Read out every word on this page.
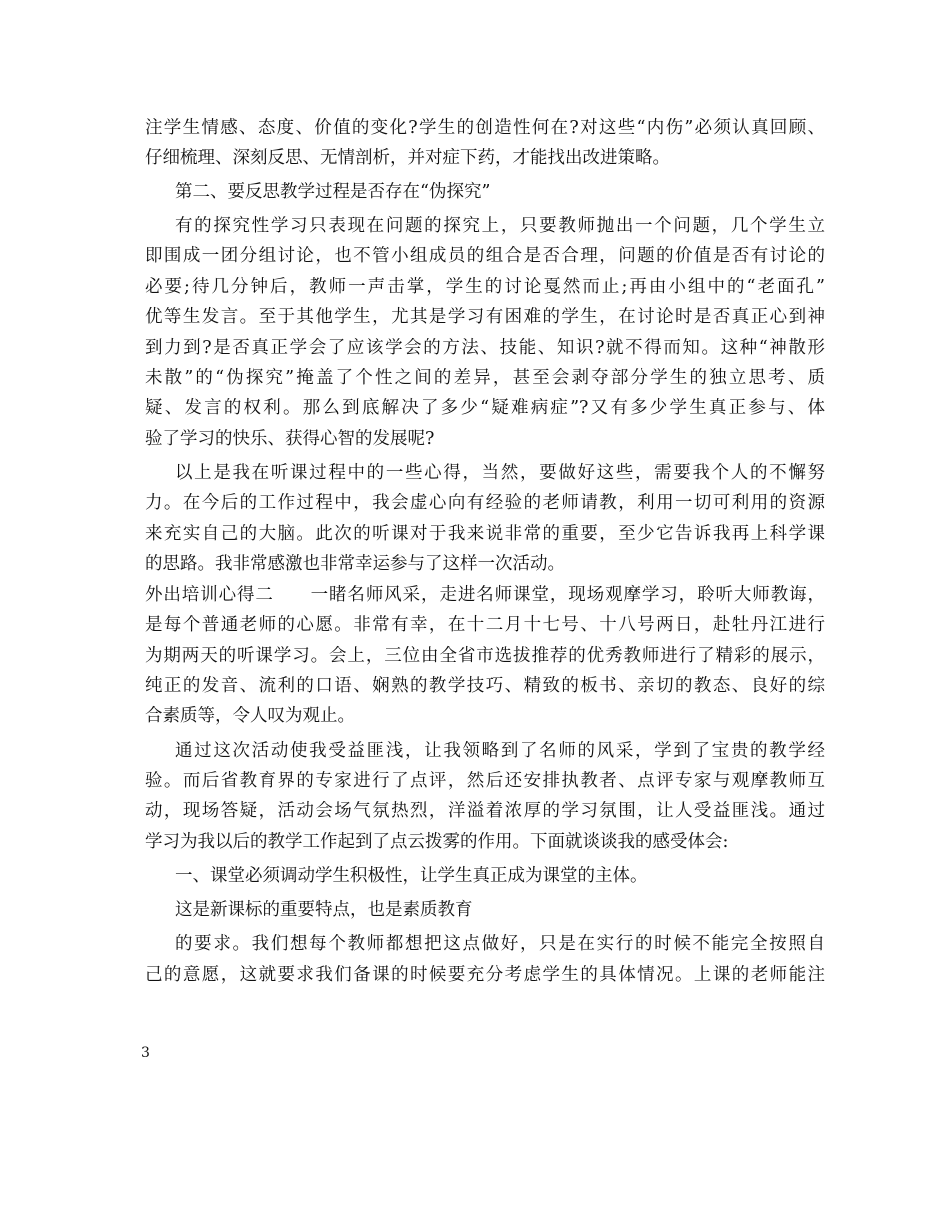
注学生情感、态度、价值的变化?学生的创造性何在?对这些“内伤”必须认真回顾、
仔细梳理、深刻反思、无情剖析，并对症下药，才能找出改进策略。
第二、要反思教学过程是否存在“伪探究”
有的探究性学习只表现在问题的探究上，只要教师抛出一个问题，几个学生立
即围成一团分组讨论，也不管小组成员的组合是否合理，问题的价值是否有讨论的
必要;待几分钟后，教师一声击掌，学生的讨论戛然而止;再由小组中的“老面孔”
优等生发言。至于其他学生，尤其是学习有困难的学生，在讨论时是否真正心到神
到力到?是否真正学会了应该学会的方法、技能、知识?就不得而知。这种“神散形
未散”的“伪探究”掩盖了个性之间的差异，甚至会剥夺部分学生的独立思考、质
疑、发言的权利。那么到底解决了多少“疑难病症”?又有多少学生真正参与、体
验了学习的快乐、获得心智的发展呢?
以上是我在听课过程中的一些心得，当然，要做好这些，需要我个人的不懈努
力。在今后的工作过程中，我会虚心向有经验的老师请教，利用一切可利用的资源
来充实自己的大脑。此次的听课对于我来说非常的重要，至少它告诉我再上科学课
的思路。我非常感激也非常幸运参与了这样一次活动。
外出培训心得二　　一睹名师风采，走进名师课堂，现场观摩学习，聆听大师教诲，
是每个普通老师的心愿。非常有幸，在十二月十七号、十八号两日，赴牡丹江进行
为期两天的听课学习。会上，三位由全省市选拔推荐的优秀教师进行了精彩的展示，
纯正的发音、流利的口语、娴熟的教学技巧、精致的板书、亲切的教态、良好的综
合素质等，令人叹为观止。
通过这次活动使我受益匪浅，让我领略到了名师的风采，学到了宝贵的教学经
验。而后省教育界的专家进行了点评，然后还安排执教者、点评专家与观摩教师互
动，现场答疑，活动会场气氛热烈，洋溢着浓厚的学习氛围，让人受益匪浅。通过
学习为我以后的教学工作起到了点云拨雾的作用。下面就谈谈我的感受体会:
一、课堂必须调动学生积极性，让学生真正成为课堂的主体。
这是新课标的重要特点，也是素质教育
的要求。我们想每个教师都想把这点做好，只是在实行的时候不能完全按照自
己的意愿，这就要求我们备课的时候要充分考虑学生的具体情况。上课的老师能注
3
